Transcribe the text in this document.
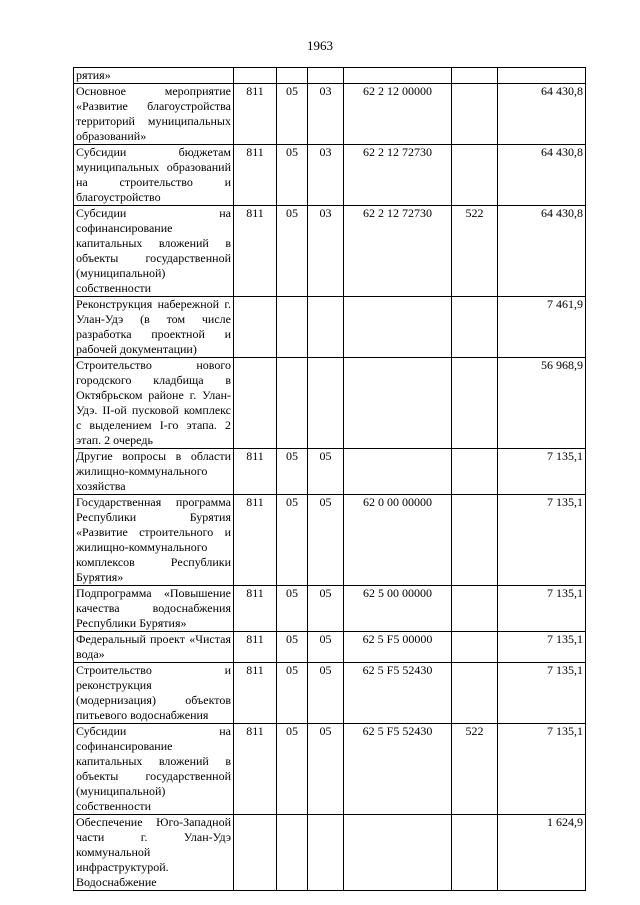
1963
рятия»						
Основное мероприятие «Развитие благоустройства территорий муниципальных образований»	811	05	03	62 2 12 00000		64 430,8
Субсидии бюджетам муниципальных образований на строительство и благоустройство	811	05	03	62 2 12 72730		64 430,8
Субсидии на софинансирование капитальных вложений в объекты государственной (муниципальной) собственности	811	05	03	62 2 12 72730	522	64 430,8
Реконструкция набережной г. Улан-Удэ (в том числе разработка проектной и рабочей документации)						7 461,9
Строительство нового городского кладбища в Октябрьском районе г. Улан-Удэ. II-ой пусковой комплекс с выделением I-го этапа. 2 этап. 2 очередь						56 968,9
Другие вопросы в области жилищно-коммунального хозяйства	811	05	05			7 135,1
Государственная программа Республики Бурятия «Развитие строительного и жилищно-коммунального комплексов Республики Бурятия»	811	05	05	62 0 00 00000		7 135,1
Подпрограмма «Повышение качества водоснабжения Республики Бурятия»	811	05	05	62 5 00 00000		7 135,1
Федеральный проект «Чистая вода»	811	05	05	62 5 F5 00000		7 135,1
Строительство и реконструкция (модернизация) объектов питьевого водоснабжения	811	05	05	62 5 F5 52430		7 135,1
Субсидии на софинансирование капитальных вложений в объекты государственной (муниципальной) собственности	811	05	05	62 5 F5 52430	522	7 135,1
Обеспечение Юго-Западной части г. Улан-Удэ коммунальной инфраструктурой. Водоснабжение						1 624,9
